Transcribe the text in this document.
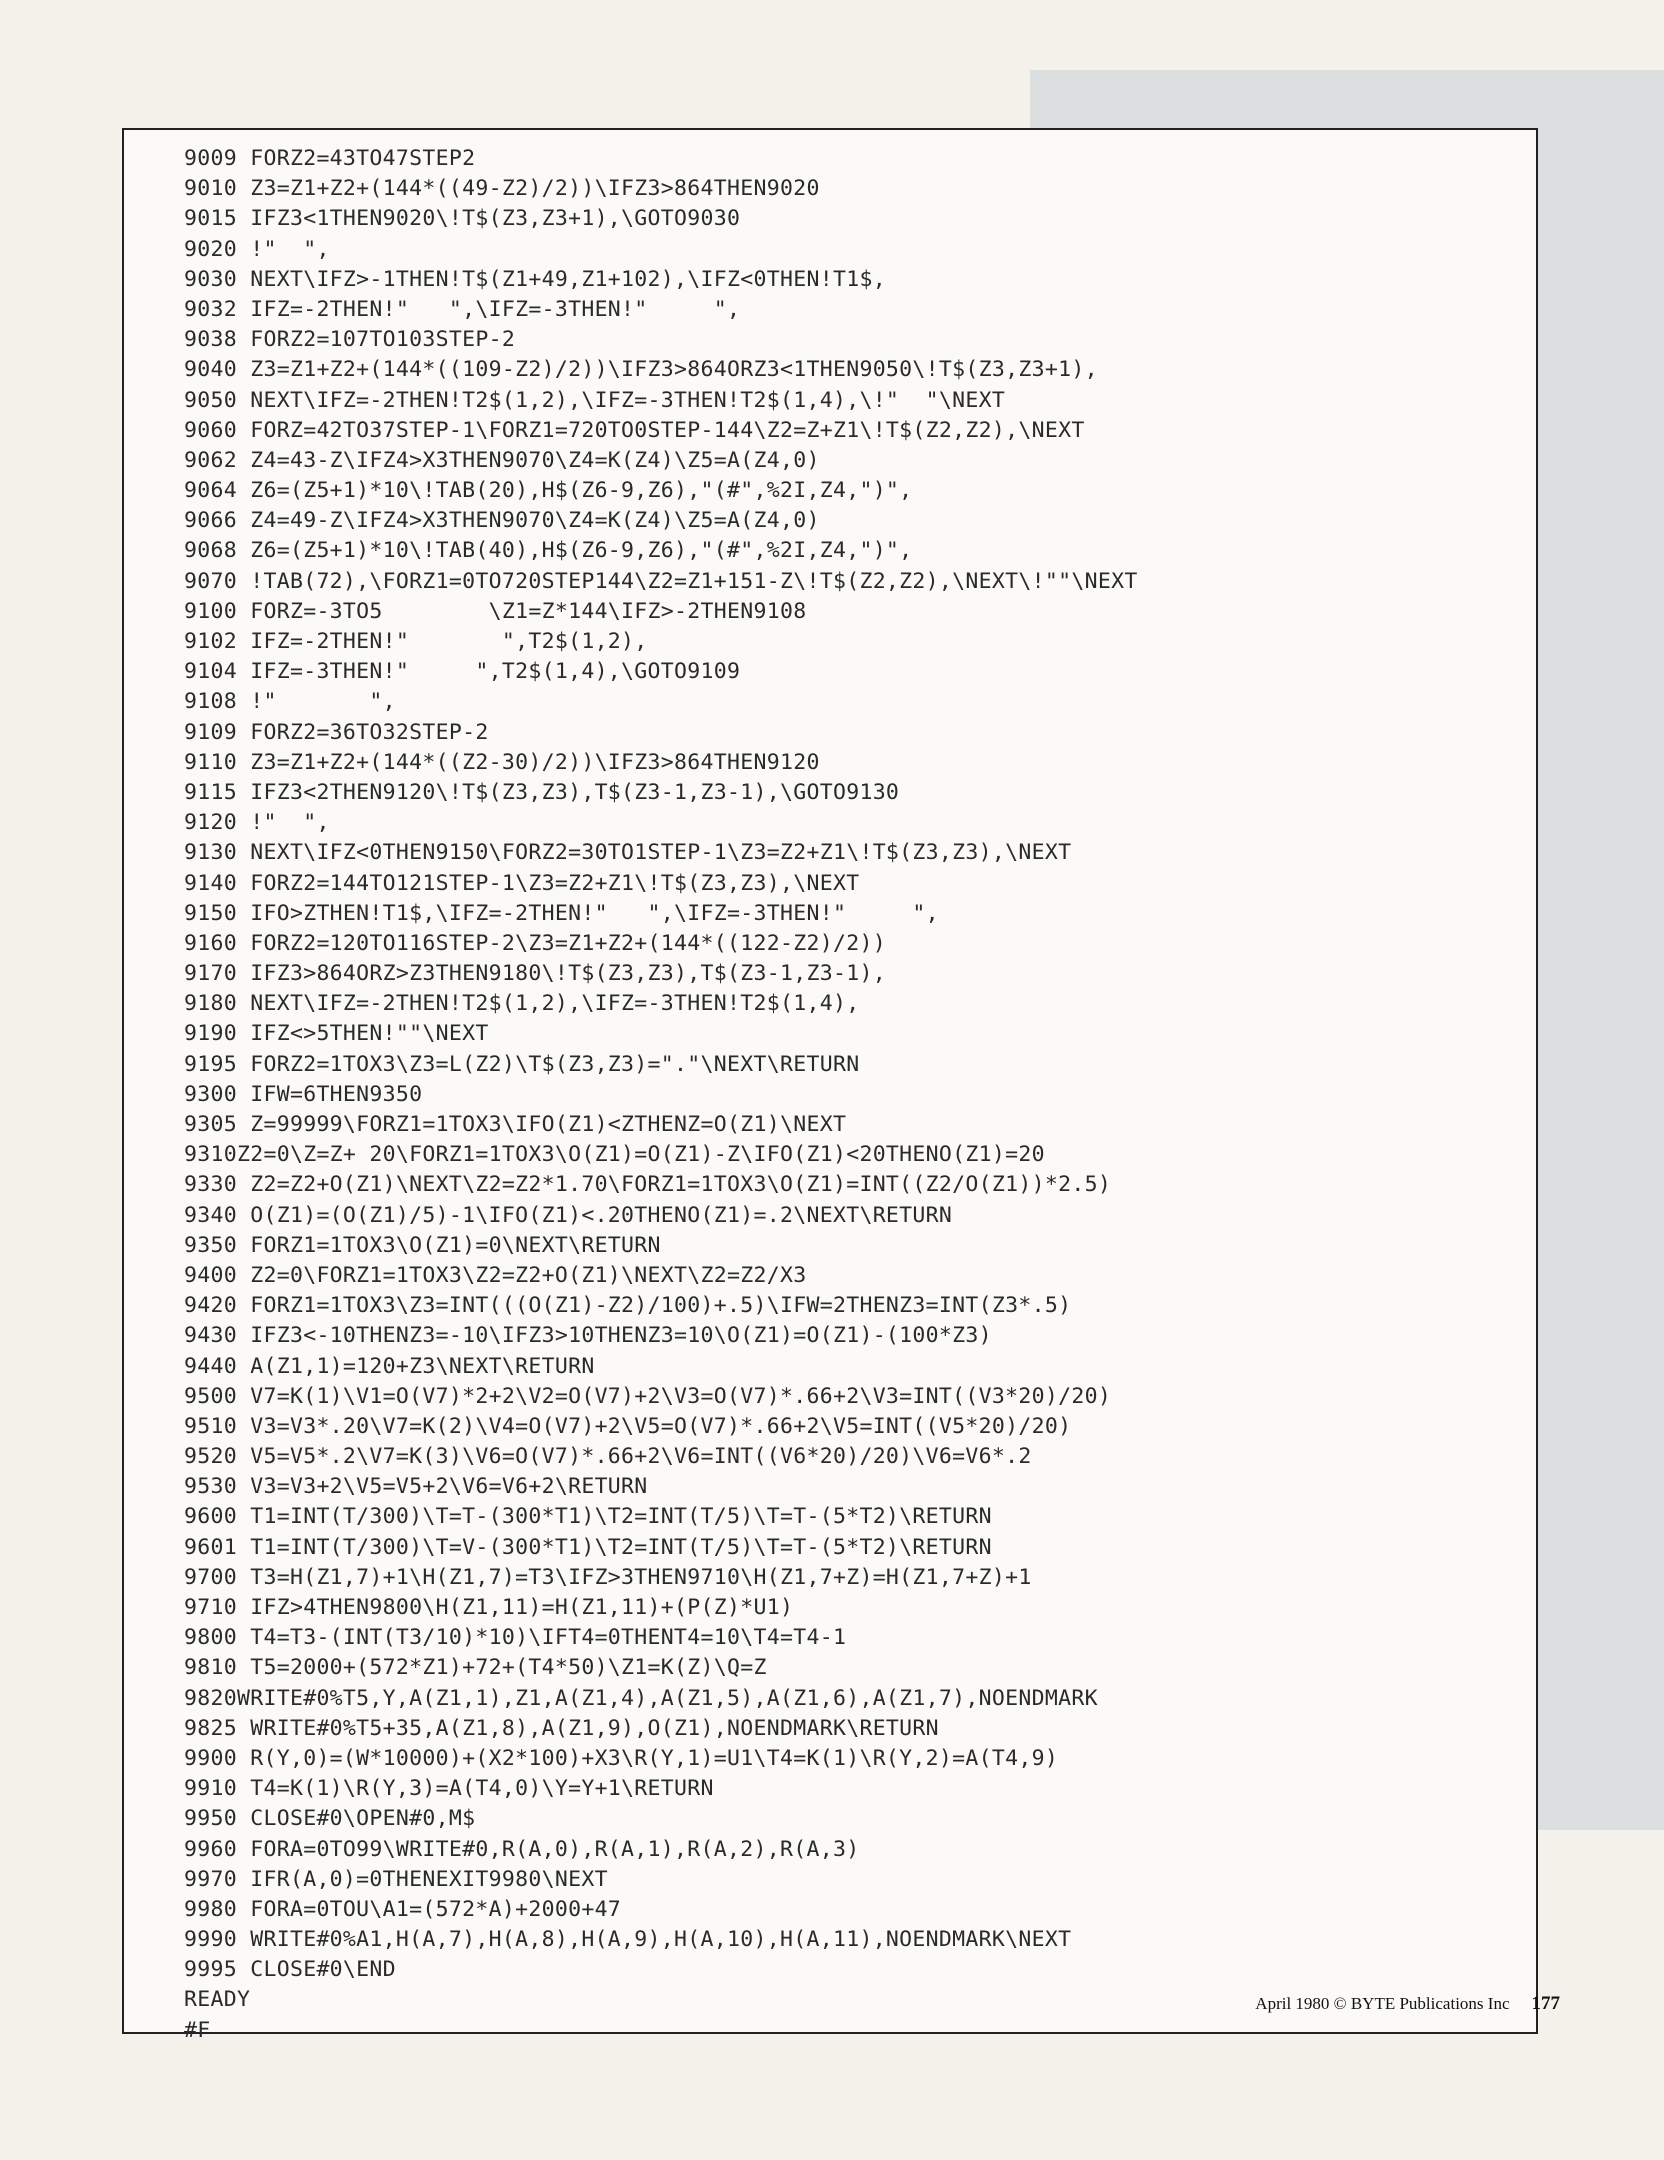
9009 FORZ2=43TO47STEP2
9010 Z3=Z1+Z2+(144*((49-Z2)/2))\IFZ3>864THEN9020
9015 IFZ3<1THEN9020\!T$(Z3,Z3+1),\GOTO9030
9020 !"  ",
9030 NEXT\IFZ>-1THEN!T$(Z1+49,Z1+102),\IFZ<0THEN!T1$,
9032 IFZ=-2THEN!"   ",\IFZ=-3THEN!"     ",
9038 FORZ2=107TO103STEP-2
9040 Z3=Z1+Z2+(144*((109-Z2)/2))\IFZ3>864ORZ3<1THEN9050\!T$(Z3,Z3+1),
9050 NEXT\IFZ=-2THEN!T2$(1,2),\IFZ=-3THEN!T2$(1,4),\!"  "\NEXT
9060 FORZ=42TO37STEP-1\FORZ1=720TO0STEP-144\Z2=Z+Z1\!T$(Z2,Z2),\NEXT
9062 Z4=43-Z\IFZ4>X3THEN9070\Z4=K(Z4)\Z5=A(Z4,0)
9064 Z6=(Z5+1)*10\!TAB(20),H$(Z6-9,Z6),"(#",%2I,Z4,")",
9066 Z4=49-Z\IFZ4>X3THEN9070\Z4=K(Z4)\Z5=A(Z4,0)
9068 Z6=(Z5+1)*10\!TAB(40),H$(Z6-9,Z6),"(#",%2I,Z4,")",
9070 !TAB(72),\FORZ1=0TO720STEP144\Z2=Z1+151-Z\!T$(Z2,Z2),\NEXT\!""\NEXT
9100 FORZ=-3TO5        \Z1=Z*144\IFZ>-2THEN9108
9102 IFZ=-2THEN!"       ",T2$(1,2),
9104 IFZ=-3THEN!"     ",T2$(1,4),\GOTO9109
9108 !"       ",
9109 FORZ2=36TO32STEP-2
9110 Z3=Z1+Z2+(144*((Z2-30)/2))\IFZ3>864THEN9120
9115 IFZ3<2THEN9120\!T$(Z3,Z3),T$(Z3-1,Z3-1),\GOTO9130
9120 !"  ",
9130 NEXT\IFZ<0THEN9150\FORZ2=30TO1STEP-1\Z3=Z2+Z1\!T$(Z3,Z3),\NEXT
9140 FORZ2=144TO121STEP-1\Z3=Z2+Z1\!T$(Z3,Z3),\NEXT
9150 IFO>ZTHEN!T1$,\IFZ=-2THEN!"   ",\IFZ=-3THEN!"     ",
9160 FORZ2=120TO116STEP-2\Z3=Z1+Z2+(144*((122-Z2)/2))
9170 IFZ3>864ORZ>Z3THEN9180\!T$(Z3,Z3),T$(Z3-1,Z3-1),
9180 NEXT\IFZ=-2THEN!T2$(1,2),\IFZ=-3THEN!T2$(1,4),
9190 IFZ<>5THEN!""\NEXT
9195 FORZ2=1TOX3\Z3=L(Z2)\T$(Z3,Z3)="."\NEXT\RETURN
9300 IFW=6THEN9350
9305 Z=99999\FORZ1=1TOX3\IFO(Z1)<ZTHENZ=O(Z1)\NEXT
9310Z2=0\Z=Z+ 20\FORZ1=1TOX3\O(Z1)=O(Z1)-Z\IFO(Z1)<20THENO(Z1)=20
9330 Z2=Z2+O(Z1)\NEXT\Z2=Z2*1.70\FORZ1=1TOX3\O(Z1)=INT((Z2/O(Z1))*2.5)
9340 O(Z1)=(O(Z1)/5)-1\IFO(Z1)<.20THENO(Z1)=.2\NEXT\RETURN
9350 FORZ1=1TOX3\O(Z1)=0\NEXT\RETURN
9400 Z2=0\FORZ1=1TOX3\Z2=Z2+O(Z1)\NEXT\Z2=Z2/X3
9420 FORZ1=1TOX3\Z3=INT(((O(Z1)-Z2)/100)+.5)\IFW=2THENZ3=INT(Z3*.5)
9430 IFZ3<-10THENZ3=-10\IFZ3>10THENZ3=10\O(Z1)=O(Z1)-(100*Z3)
9440 A(Z1,1)=120+Z3\NEXT\RETURN
9500 V7=K(1)\V1=O(V7)*2+2\V2=O(V7)+2\V3=O(V7)*.66+2\V3=INT((V3*20)/20)
9510 V3=V3*.20\V7=K(2)\V4=O(V7)+2\V5=O(V7)*.66+2\V5=INT((V5*20)/20)
9520 V5=V5*.2\V7=K(3)\V6=O(V7)*.66+2\V6=INT((V6*20)/20)\V6=V6*.2
9530 V3=V3+2\V5=V5+2\V6=V6+2\RETURN
9600 T1=INT(T/300)\T=T-(300*T1)\T2=INT(T/5)\T=T-(5*T2)\RETURN
9601 T1=INT(T/300)\T=V-(300*T1)\T2=INT(T/5)\T=T-(5*T2)\RETURN
9700 T3=H(Z1,7)+1\H(Z1,7)=T3\IFZ>3THEN9710\H(Z1,7+Z)=H(Z1,7+Z)+1
9710 IFZ>4THEN9800\H(Z1,11)=H(Z1,11)+(P(Z)*U1)
9800 T4=T3-(INT(T3/10)*10)\IFT4=0THENT4=10\T4=T4-1
9810 T5=2000+(572*Z1)+72+(T4*50)\Z1=K(Z)\Q=Z
9820WRITE#0%T5,Y,A(Z1,1),Z1,A(Z1,4),A(Z1,5),A(Z1,6),A(Z1,7),NOENDMARK
9825 WRITE#0%T5+35,A(Z1,8),A(Z1,9),O(Z1),NOENDMARK\RETURN
9900 R(Y,0)=(W*10000)+(X2*100)+X3\R(Y,1)=U1\T4=K(1)\R(Y,2)=A(T4,9)
9910 T4=K(1)\R(Y,3)=A(T4,0)\Y=Y+1\RETURN
9950 CLOSE#0\OPEN#0,M$
9960 FORA=0TO99\WRITE#0,R(A,0),R(A,1),R(A,2),R(A,3)
9970 IFR(A,0)=0THENEXIT9980\NEXT
9980 FORA=0TOU\A1=(572*A)+2000+47
9990 WRITE#0%A1,H(A,7),H(A,8),H(A,9),H(A,10),H(A,11),NOENDMARK\NEXT
9995 CLOSE#0\END
READY
#F
April 1980 © BYTE Publications Inc 177
